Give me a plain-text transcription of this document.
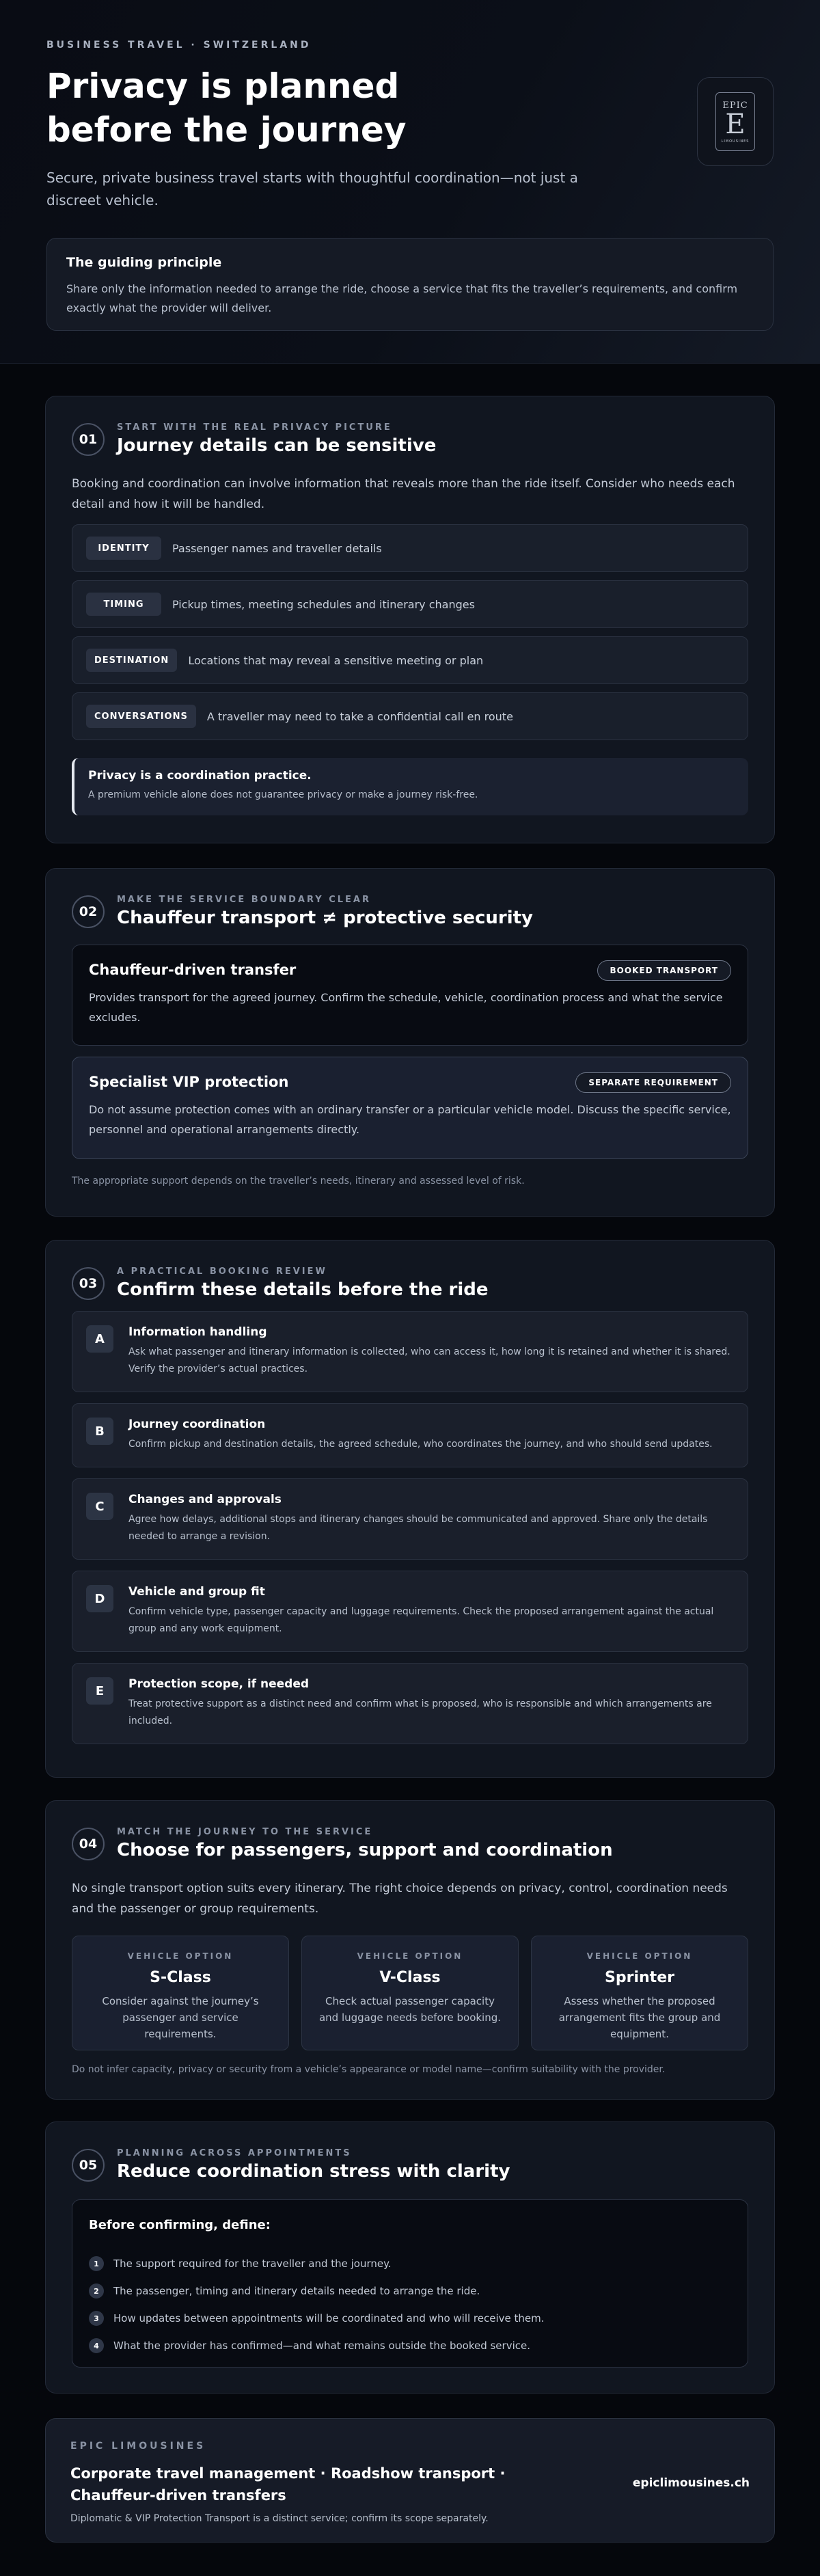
BUSINESS TRAVEL · SWITZERLAND
Privacy is planned before the journey

Secure, private business travel starts with thoughtful coordination—not just a discreet vehicle.

EPIC
E
LIMOUSINES
The guiding principle
Share only the information needed to arrange the ride, choose a service that fits the traveller’s requirements, and confirm exactly what the provider will deliver.
01
START WITH THE REAL PRIVACY PICTURE
Journey details can be sensitive

Booking and coordination can involve information that reveals more than the ride itself. Consider who needs each detail and how it will be handled.

IDENTITY	Passenger names and traveller details
TIMING	Pickup times, meeting schedules and itinerary changes
DESTINATION	Locations that may reveal a sensitive meeting or plan
CONVERSATIONS	A traveller may need to take a confidential call en route
Privacy is a coordination practice.
A premium vehicle alone does not guarantee privacy or make a journey risk-free.
02
MAKE THE SERVICE BOUNDARY CLEAR
Chauffeur transport ≠ protective security
Chauffeur-driven transfer	BOOKED TRANSPORT
Provides transport for the agreed journey. Confirm the schedule, vehicle, coordination process and what the service excludes.
Specialist VIP protection	SEPARATE REQUIREMENT
Do not assume protection comes with an ordinary transfer or a particular vehicle model. Discuss the specific service, personnel and operational arrangements directly.
The appropriate support depends on the traveller’s needs, itinerary and assessed level of risk.
03
A PRACTICAL BOOKING REVIEW
Confirm these details before the ride
A	Information handling
Ask what passenger and itinerary information is collected, who can access it, how long it is retained and whether it is shared. Verify the provider’s actual practices.
B	Journey coordination
Confirm pickup and destination details, the agreed schedule, who coordinates the journey, and who should send updates.
C	Changes and approvals
Agree how delays, additional stops and itinerary changes should be communicated and approved. Share only the details needed to arrange a revision.
D	Vehicle and group fit
Confirm vehicle type, passenger capacity and luggage requirements. Check the proposed arrangement against the actual group and any work equipment.
E	Protection scope, if needed
Treat protective support as a distinct need and confirm what is proposed, who is responsible and which arrangements are included.
04
MATCH THE JOURNEY TO THE SERVICE
Choose for passengers, support and coordination

No single transport option suits every itinerary. The right choice depends on privacy, control, coordination needs and the passenger or group requirements.

VEHICLE OPTION
S-Class
Consider against the journey’s passenger and service requirements.
VEHICLE OPTION
V-Class
Check actual passenger capacity and luggage needs before booking.
VEHICLE OPTION
Sprinter
Assess whether the proposed arrangement fits the group and equipment.
Do not infer capacity, privacy or security from a vehicle’s appearance or model name—confirm suitability with the provider.
05
PLANNING ACROSS APPOINTMENTS
Reduce coordination stress with clarity
Before confirming, define:
1	The support required for the traveller and the journey.
2	The passenger, timing and itinerary details needed to arrange the ride.
3	How updates between appointments will be coordinated and who will receive them.
4	What the provider has confirmed—and what remains outside the booked service.
EPIC LIMOUSINES
Corporate travel management · Roadshow transport · Chauffeur-driven transfers
Diplomatic & VIP Protection Transport is a distinct service; confirm its scope separately.
epiclimousines.ch
